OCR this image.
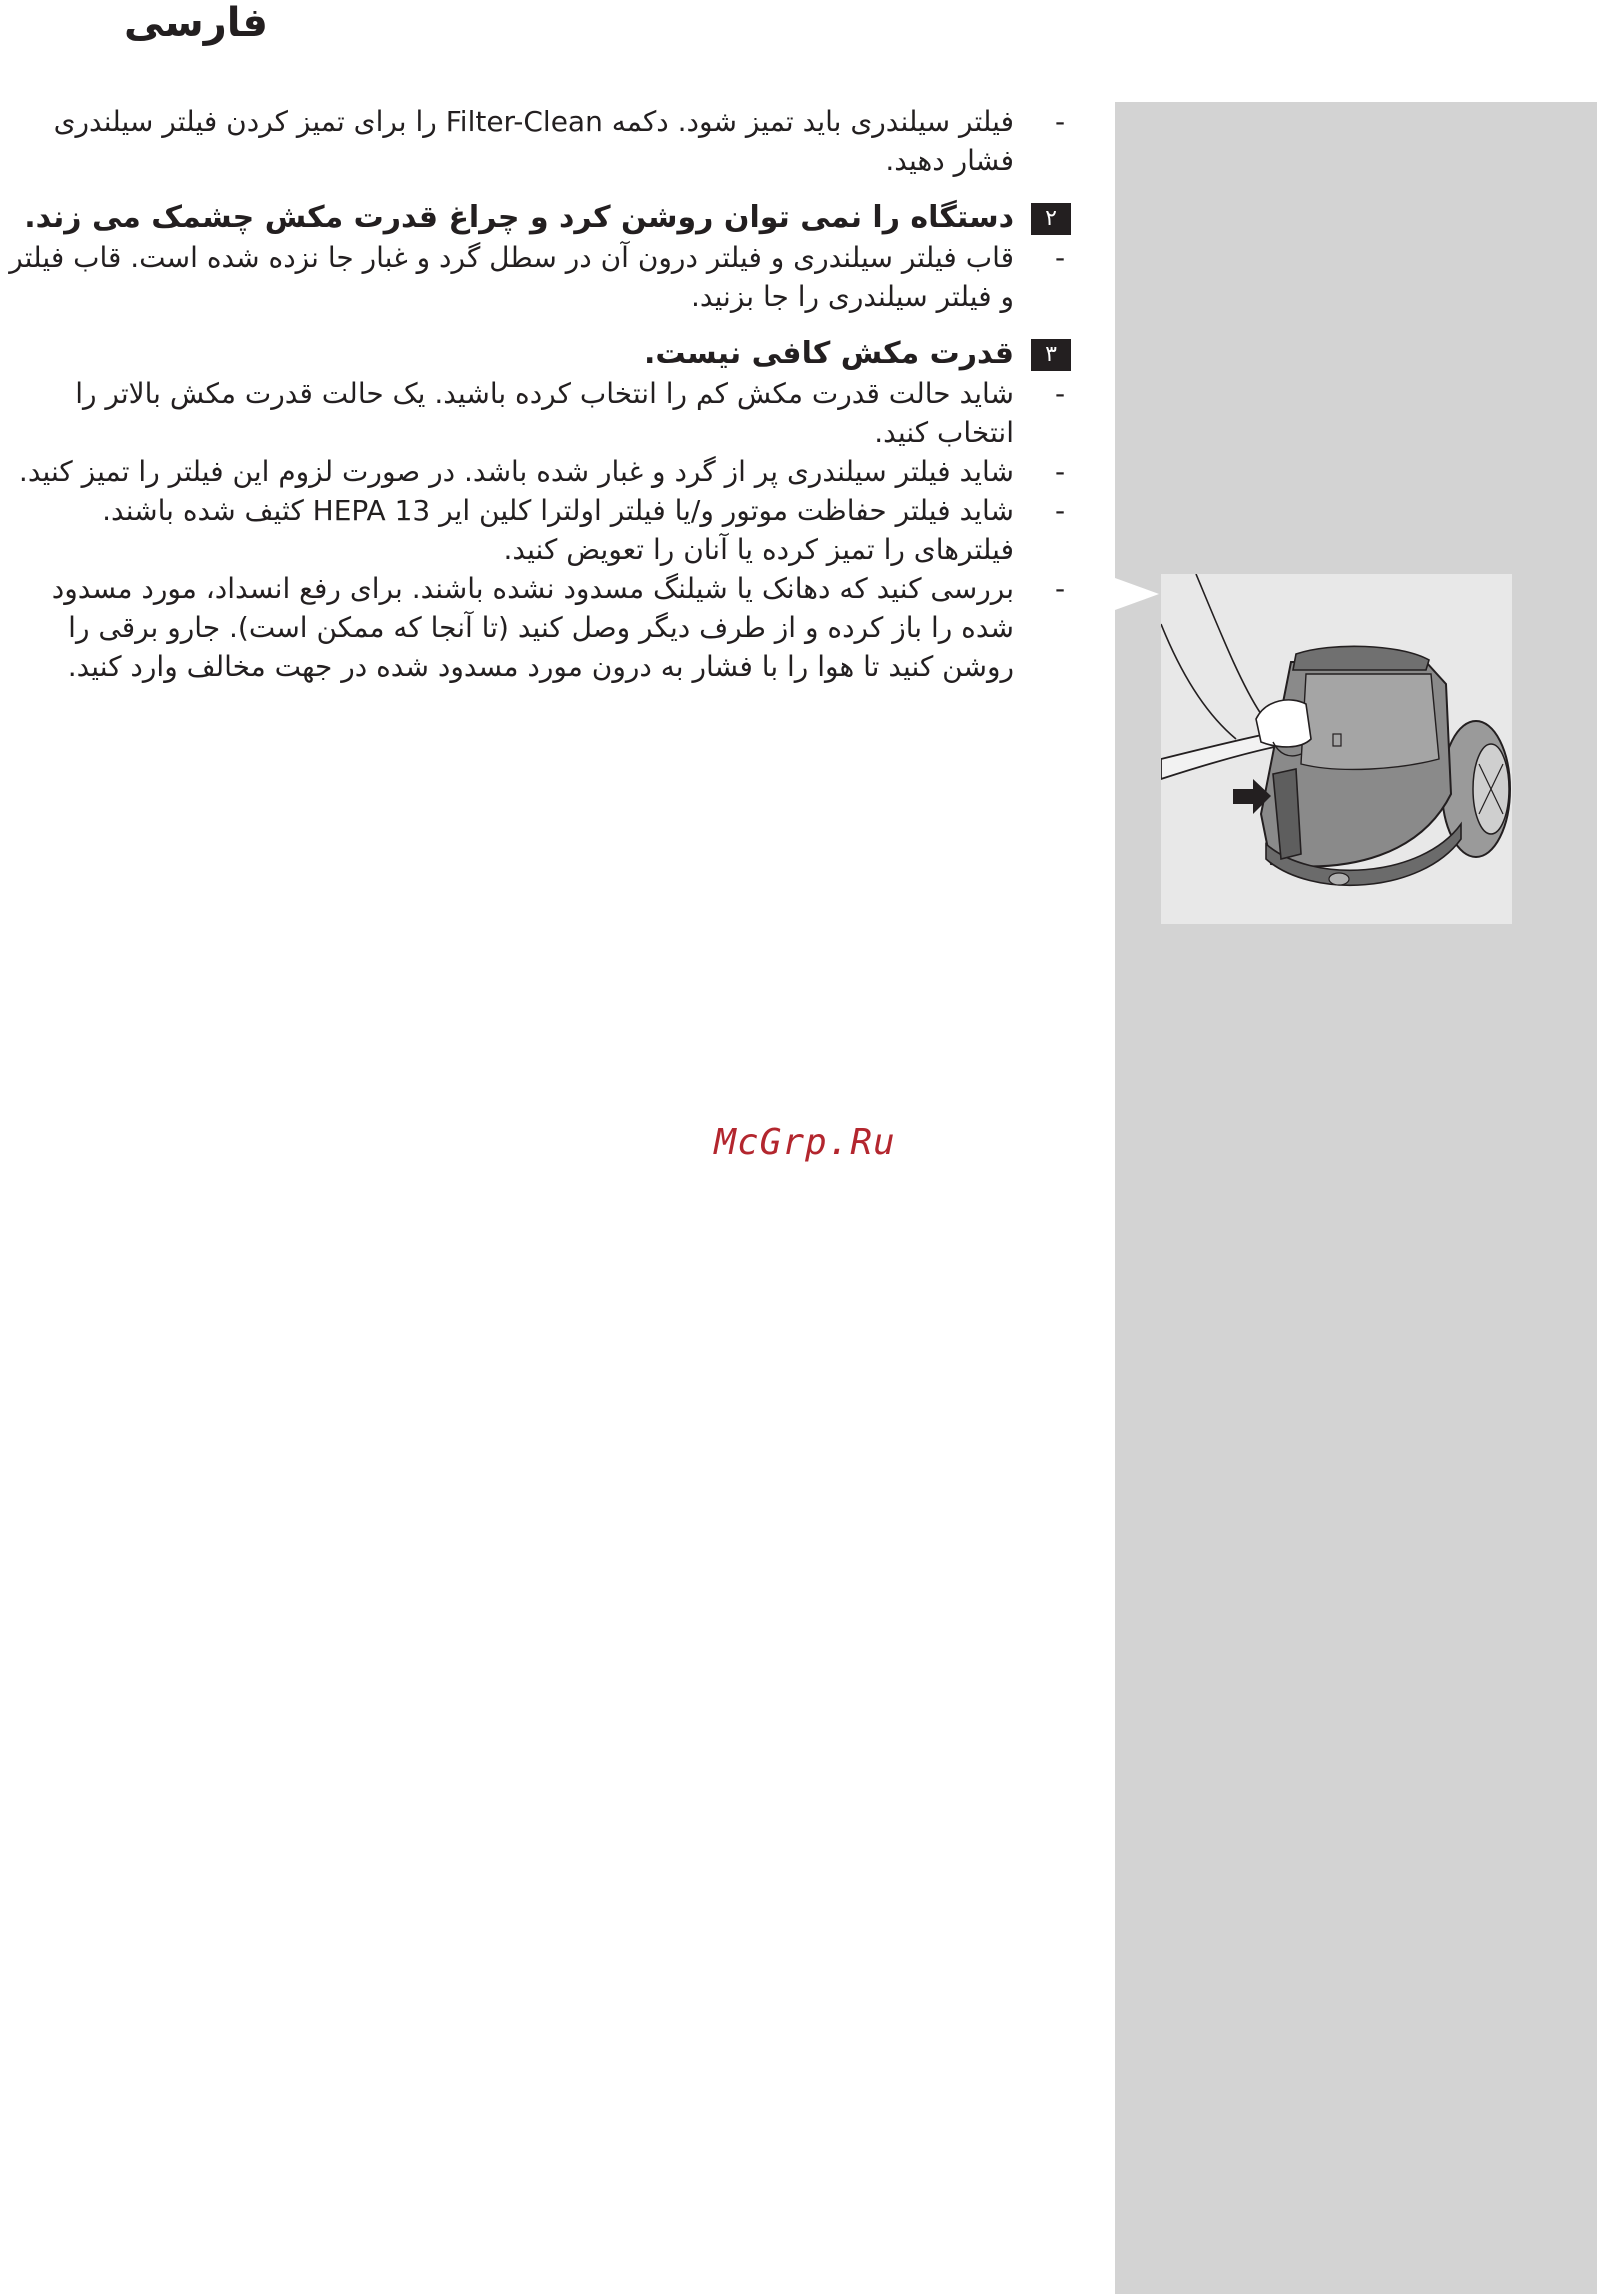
فارسی
-
فیلتر سیلندری باید تمیز شود. دکمه Filter-Clean را برای تمیز کردن فیلتر سیلندری فشار دهید.
۲
دستگاه را نمی توان روشن کرد و چراغ قدرت مکش چشمک می زند.
-
قاب فیلتر سیلندری و فیلتر درون آن در سطل گرد و غبار جا نزده شده است. قاب فیلتر و فیلتر سیلندری را جا بزنید.
۳
قدرت مکش کافی نیست.
-
شاید حالت قدرت مکش کم را انتخاب کرده باشید. یک حالت قدرت مکش بالاتر را انتخاب کنید.
-
شاید فیلتر سیلندری پر از گرد و غبار شده باشد. در صورت لزوم این فیلتر را تمیز کنید.
-
شاید فیلتر حفاظت موتور و/یا فیلتر اولترا کلین ایر HEPA 13 کثیف شده باشند. فیلترهای را تمیز کرده یا آنان را تعویض کنید.
-
بررسی کنید که دهانک یا شیلنگ مسدود نشده باشند. برای رفع انسداد، مورد مسدود شده را باز کرده و از طرف دیگر وصل کنید (تا آنجا که ممکن است). جارو برقی را روشن کنید تا هوا را با فشار به درون مورد مسدود شده در جهت مخالف وارد کنید.
McGrp.Ru
